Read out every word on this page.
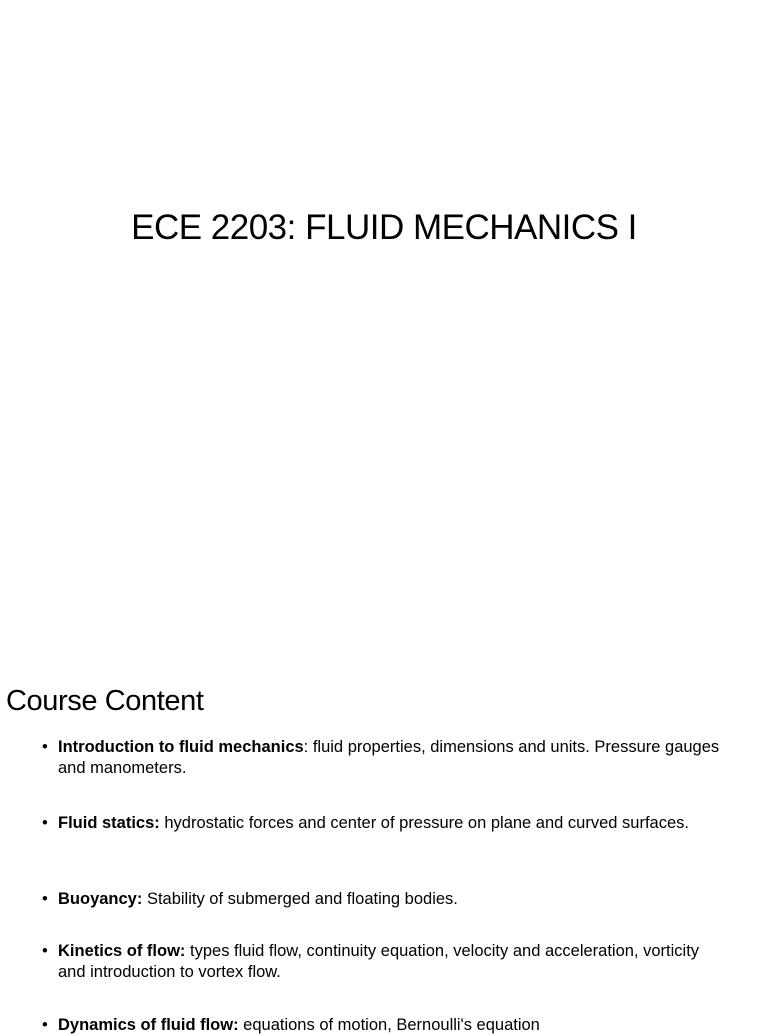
ECE 2203: FLUID MECHANICS I
Course Content
• Introduction to fluid mechanics: fluid properties, dimensions and units. Pressure gauges and manometers.
• Fluid statics: hydrostatic forces and center of pressure on plane and curved surfaces.
• Buoyancy: Stability of submerged and floating bodies.
• Kinetics of flow: types fluid flow, continuity equation, velocity and acceleration, vorticity and introduction to vortex flow.
• Dynamics of fluid flow: equations of motion, Bernoulli's equation
